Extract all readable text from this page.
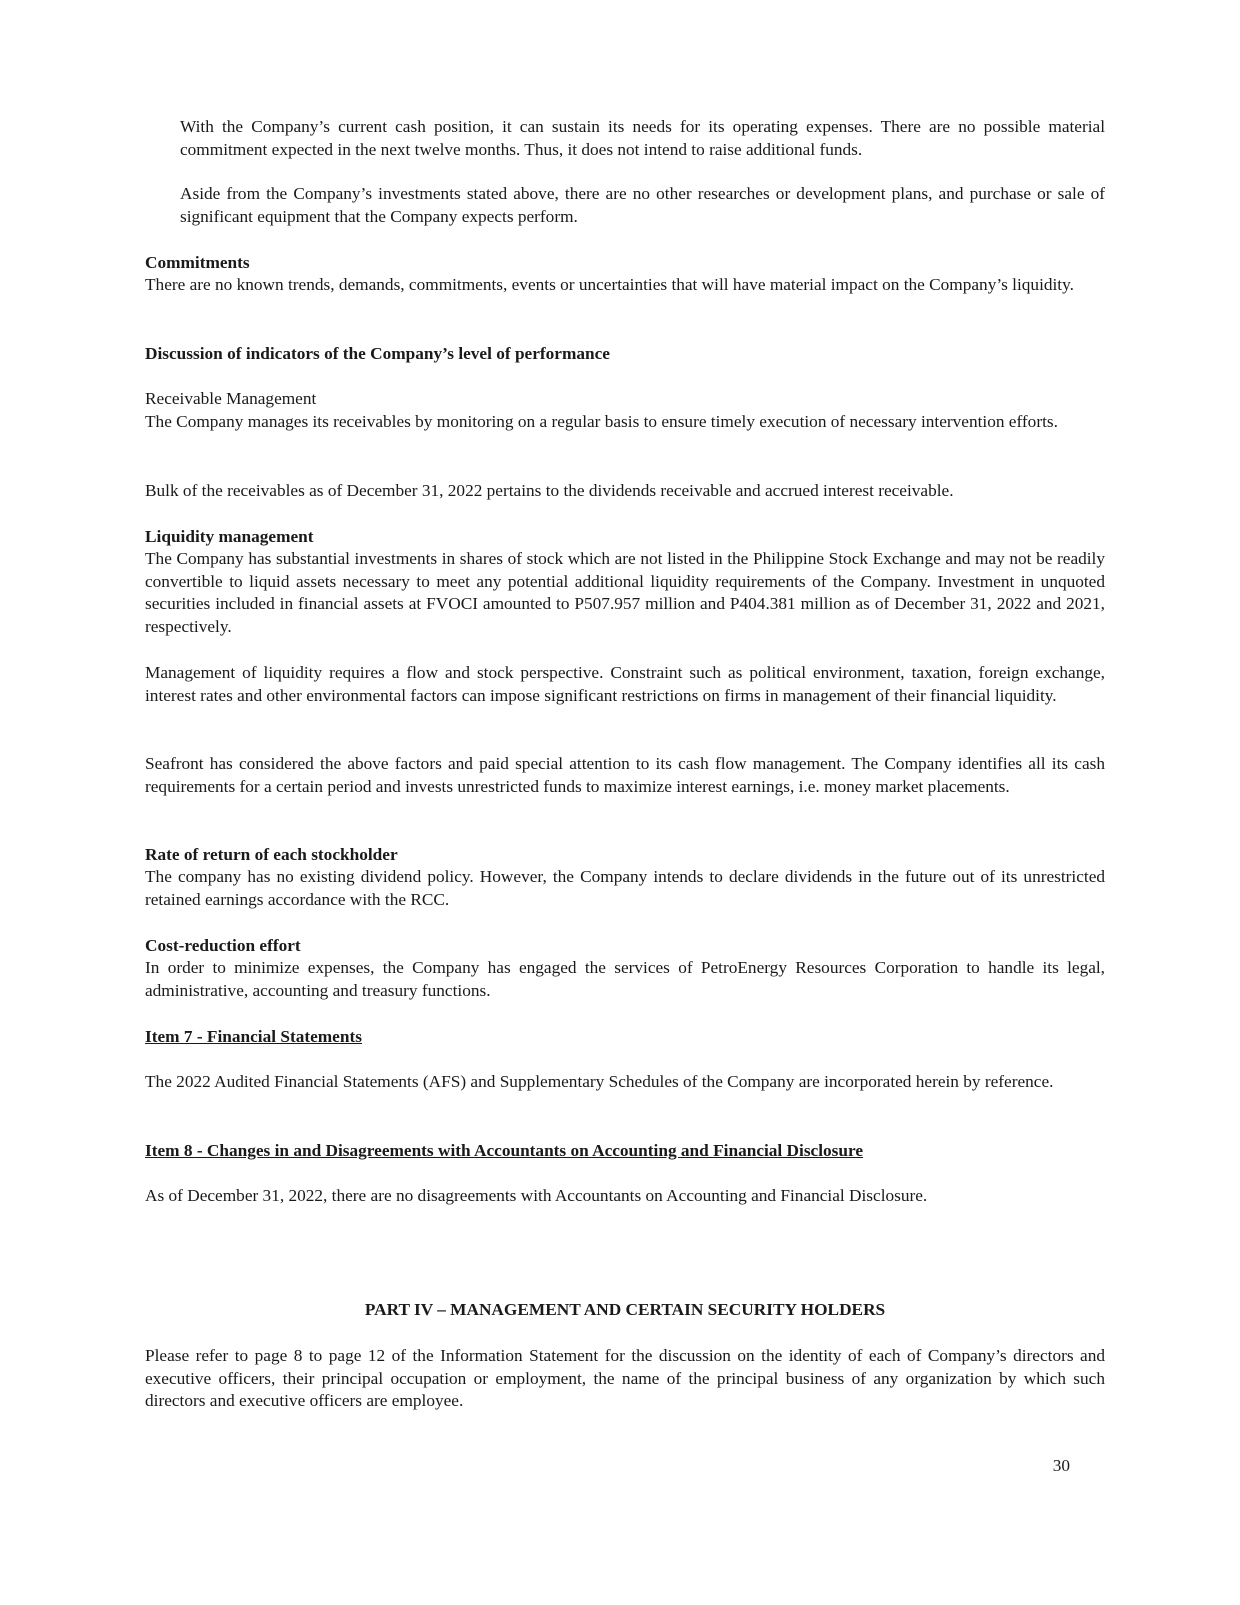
With the Company’s current cash position, it can sustain its needs for its operating expenses. There are no possible material commitment expected in the next twelve months. Thus, it does not intend to raise additional funds.

Aside from the Company’s investments stated above, there are no other researches or development plans, and purchase or sale of significant equipment that the Company expects perform.

Commitments

There are no known trends, demands, commitments, events or uncertainties that will have material impact on the Company’s liquidity.

Discussion of indicators of the Company’s level of performance

Receivable Management

The Company manages its receivables by monitoring on a regular basis to ensure timely execution of necessary intervention efforts.

Bulk of the receivables as of December 31, 2022 pertains to the dividends receivable and accrued interest receivable.

Liquidity management

The Company has substantial investments in shares of stock which are not listed in the Philippine Stock Exchange and may not be readily convertible to liquid assets necessary to meet any potential additional liquidity requirements of the Company. Investment in unquoted securities included in financial assets at FVOCI amounted to P507.957 million and P404.381 million as of December 31, 2022 and 2021, respectively.

Management of liquidity requires a flow and stock perspective. Constraint such as political environment, taxation, foreign exchange, interest rates and other environmental factors can impose significant restrictions on firms in management of their financial liquidity.

Seafront has considered the above factors and paid special attention to its cash flow management. The Company identifies all its cash requirements for a certain period and invests unrestricted funds to maximize interest earnings, i.e. money market placements.

Rate of return of each stockholder

The company has no existing dividend policy. However, the Company intends to declare dividends in the future out of its unrestricted retained earnings accordance with the RCC.

Cost-reduction effort

In order to minimize expenses, the Company has engaged the services of PetroEnergy Resources Corporation to handle its legal, administrative, accounting and treasury functions.

Item 7 - Financial Statements

The 2022 Audited Financial Statements (AFS) and Supplementary Schedules of the Company are incorporated herein by reference.

Item 8 - Changes in and Disagreements with Accountants on Accounting and Financial Disclosure

As of December 31, 2022, there are no disagreements with Accountants on Accounting and Financial Disclosure.

PART IV – MANAGEMENT AND CERTAIN SECURITY HOLDERS

Please refer to page 8 to page 12 of the Information Statement for the discussion on the identity of each of Company’s directors and executive officers, their principal occupation or employment, the name of the principal business of any organization by which such directors and executive officers are employee.

30
